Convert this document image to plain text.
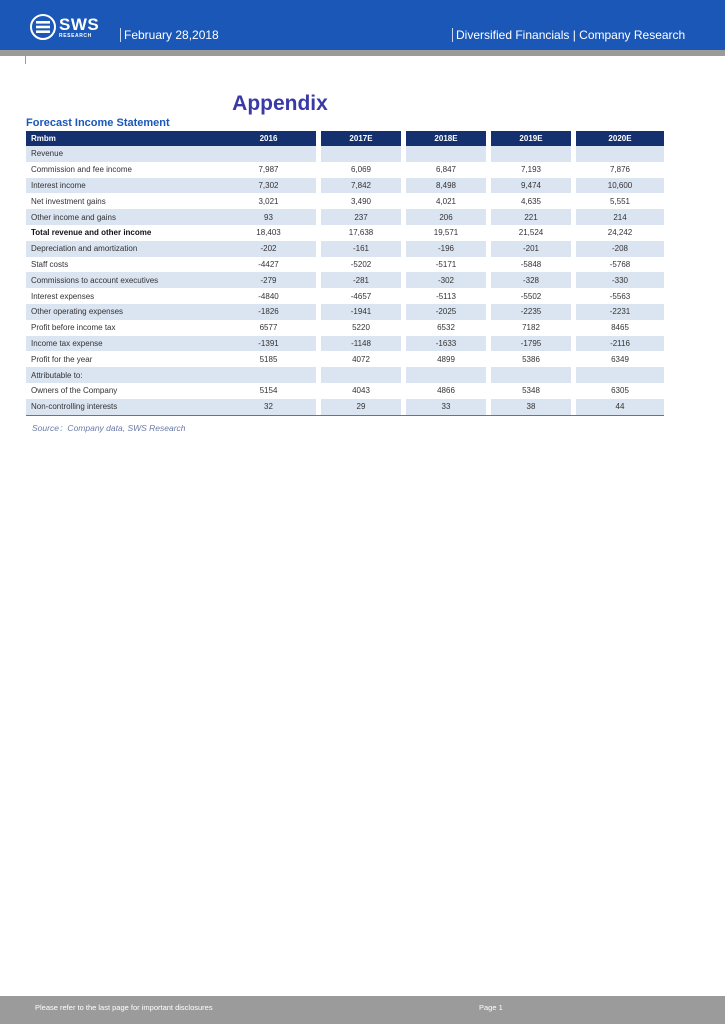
SWS
RESEARCH	February 28,2018	Diversified Financials | Company Research
Appendix
Forecast Income Statement
Rmbm	2016		2017E		2018E		2019E		2020E
Revenue									
Commission and fee income	7,987		6,069		6,847		7,193		7,876
Interest income	7,302		7,842		8,498		9,474		10,600
Net investment gains	3,021		3,490		4,021		4,635		5,551
Other income and gains	93		237		206		221		214
Total revenue and other income	18,403		17,638		19,571		21,524		24,242
Depreciation and amortization	-202		-161		-196		-201		-208
Staff costs	-4427		-5202		-5171		-5848		-5768
Commissions to account executives	-279		-281		-302		-328		-330
Interest expenses	-4840		-4657		-5113		-5502		-5563
Other operating expenses	-1826		-1941		-2025		-2235		-2231
Profit before income tax	6577		5220		6532		7182		8465
Income tax expense	-1391		-1148		-1633		-1795		-2116
Profit for the year	5185		4072		4899		5386		6349
Attributable to:									
Owners of the Company	5154		4043		4866		5348		6305
Non-controlling interests	32		29		33		38		44
Source：Company data, SWS Research
Please refer to the last page for important disclosures	Page 1
